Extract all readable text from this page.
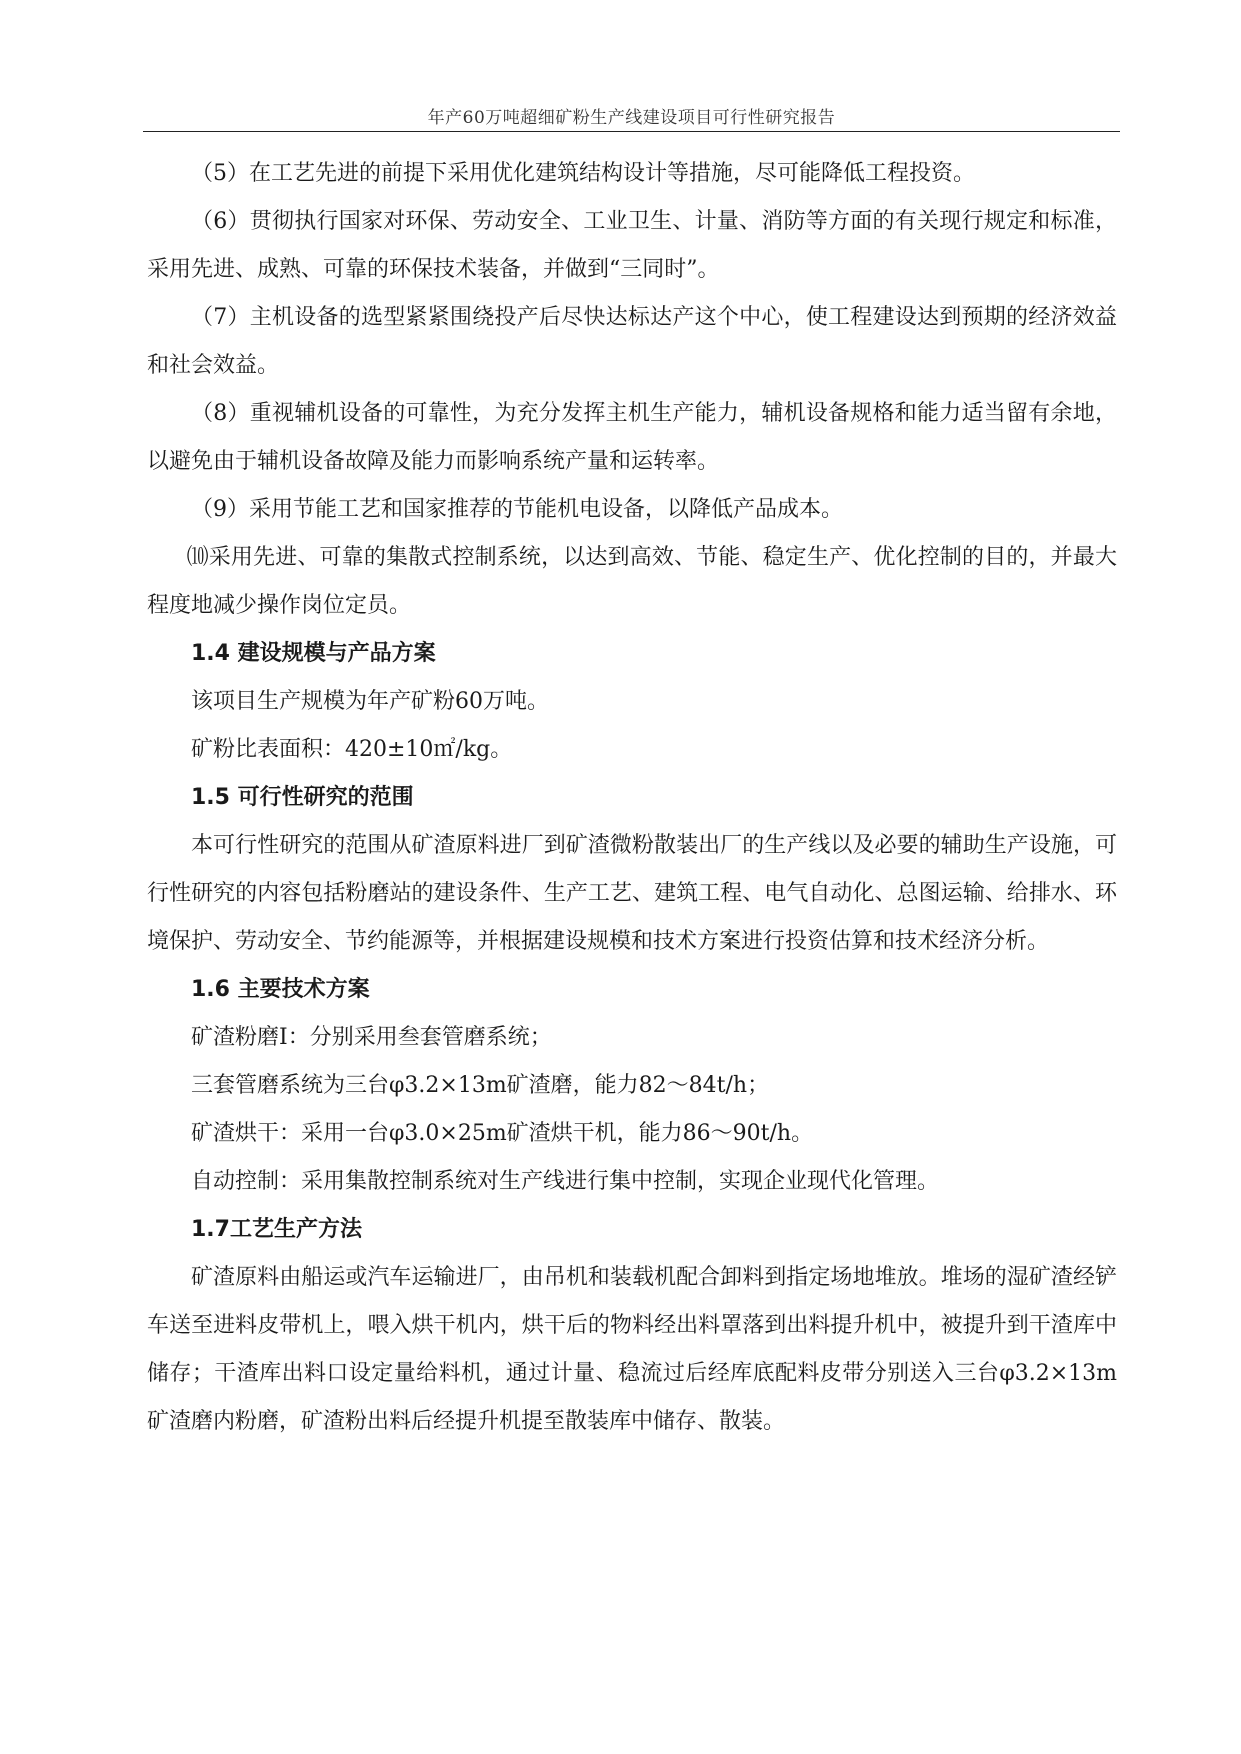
年产60万吨超细矿粉生产线建设项目可行性研究报告

（5）在工艺先进的前提下采用优化建筑结构设计等措施，尽可能降低工程投资。

（6）贯彻执行国家对环保、劳动安全、工业卫生、计量、消防等方面的有关现行规定和标准，采用先进、成熟、可靠的环保技术装备，并做到“三同时”。

（7）主机设备的选型紧紧围绕投产后尽快达标达产这个中心，使工程建设达到预期的经济效益和社会效益。

（8）重视辅机设备的可靠性，为充分发挥主机生产能力，辅机设备规格和能力适当留有余地，以避免由于辅机设备故障及能力而影响系统产量和运转率。

（9）采用节能工艺和国家推荐的节能机电设备，以降低产品成本。

⑽采用先进、可靠的集散式控制系统，以达到高效、节能、稳定生产、优化控制的目的，并最大程度地减少操作岗位定员。

1.4 建设规模与产品方案

该项目生产规模为年产矿粉60万吨。

矿粉比表面积：420±10㎡/kg。

1.5 可行性研究的范围

本可行性研究的范围从矿渣原料进厂到矿渣微粉散装出厂的生产线以及必要的辅助生产设施，可行性研究的内容包括粉磨站的建设条件、生产工艺、建筑工程、电气自动化、总图运输、给排水、环境保护、劳动安全、节约能源等，并根据建设规模和技术方案进行投资估算和技术经济分析。

1.6 主要技术方案

矿渣粉磨I：分别采用叁套管磨系统；

三套管磨系统为三台φ3.2×13m矿渣磨，能力82～84t/h；

矿渣烘干：采用一台φ3.0×25m矿渣烘干机，能力86～90t/h。

自动控制：采用集散控制系统对生产线进行集中控制，实现企业现代化管理。

1.7工艺生产方法

矿渣原料由船运或汽车运输进厂，由吊机和装载机配合卸料到指定场地堆放。堆场的湿矿渣经铲车送至进料皮带机上，喂入烘干机内，烘干后的物料经出料罩落到出料提升机中，被提升到干渣库中储存；干渣库出料口设定量给料机，通过计量、稳流过后经库底配料皮带分别送入三台φ3.2×13m矿渣磨内粉磨，矿渣粉出料后经提升机提至散装库中储存、散装。
